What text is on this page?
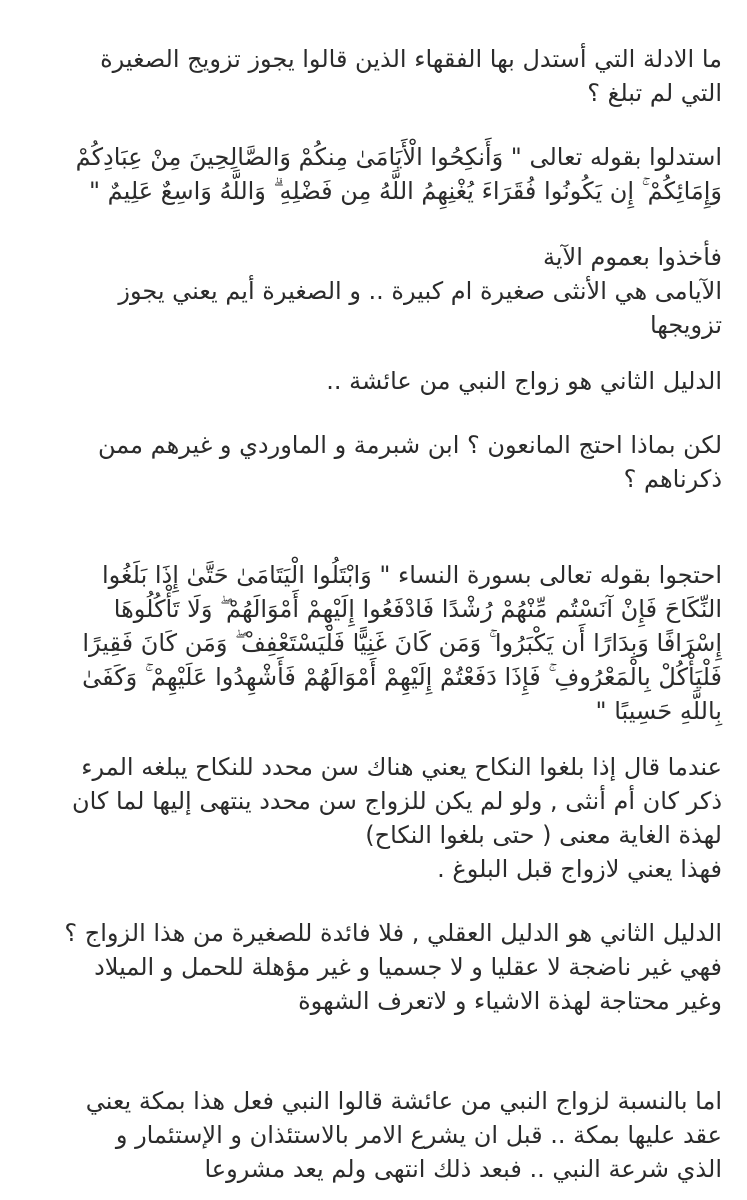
ما الادلة التي أستدل بها الفقهاء الذين قالوا يجوز تزويج الصغيرة
التي لم تبلغ ؟
استدلوا بقوله تعالى " وَأَنكِحُوا الْأَيَامَىٰ مِنكُمْ وَالصَّالِحِينَ مِنْ عِبَادِكُمْ
وَإِمَائِكُمْ ۚ إِن يَكُونُوا فُقَرَاءَ يُغْنِهِمُ اللَّهُ مِن فَضْلِهِ ۗ وَاللَّهُ وَاسِعٌ عَلِيمٌ "
فأخذوا بعموم الآية
الآيامى هي الأنثى صغيرة ام كبيرة .. و الصغيرة أيم يعني يجوز
تزويجها
الدليل الثاني هو زواج النبي من عائشة ..
لكن بماذا احتج المانعون ؟ ابن شبرمة و الماوردي و غيرهم ممن
ذكرناهم ؟
احتجوا بقوله تعالى بسورة النساء " وَابْتَلُوا الْيَتَامَىٰ حَتَّىٰ إِذَا بَلَغُوا
النِّكَاحَ فَإِنْ آنَسْتُم مِّنْهُمْ رُشْدًا فَادْفَعُوا إِلَيْهِمْ أَمْوَالَهُمْ ۖ وَلَا تَأْكُلُوهَا
إِسْرَافًا وَبِدَارًا أَن يَكْبَرُوا ۚ وَمَن كَانَ غَنِيًّا فَلْيَسْتَعْفِفْ ۖ وَمَن كَانَ فَقِيرًا
فَلْيَأْكُلْ بِالْمَعْرُوفِ ۚ فَإِذَا دَفَعْتُمْ إِلَيْهِمْ أَمْوَالَهُمْ فَأَشْهِدُوا عَلَيْهِمْ ۚ وَكَفَىٰ
بِاللَّهِ حَسِيبًا "
عندما قال إذا بلغوا النكاح يعني هناك سن محدد للنكاح يبلغه المرء
ذكر كان أم أنثى , ولو لم يكن للزواج سن محدد ينتهى إليها لما كان
لهذة الغاية معنى ( حتى بلغوا النكاح)
فهذا يعني لازواج قبل البلوغ .
الدليل الثاني هو الدليل العقلي , فلا فائدة للصغيرة من هذا الزواج ؟
فهي غير ناضجة لا عقليا و لا جسميا و غير مؤهلة للحمل و الميلاد
وغير محتاجة لهذة الاشياء و لاتعرف الشهوة
اما بالنسبة لزواج النبي من عائشة قالوا النبي فعل هذا بمكة يعني
عقد عليها بمكة .. قبل ان يشرع الامر بالاستئذان و الإستئمار و
الذي شرعة النبي .. فبعد ذلك انتهى ولم يعد مشروعا
